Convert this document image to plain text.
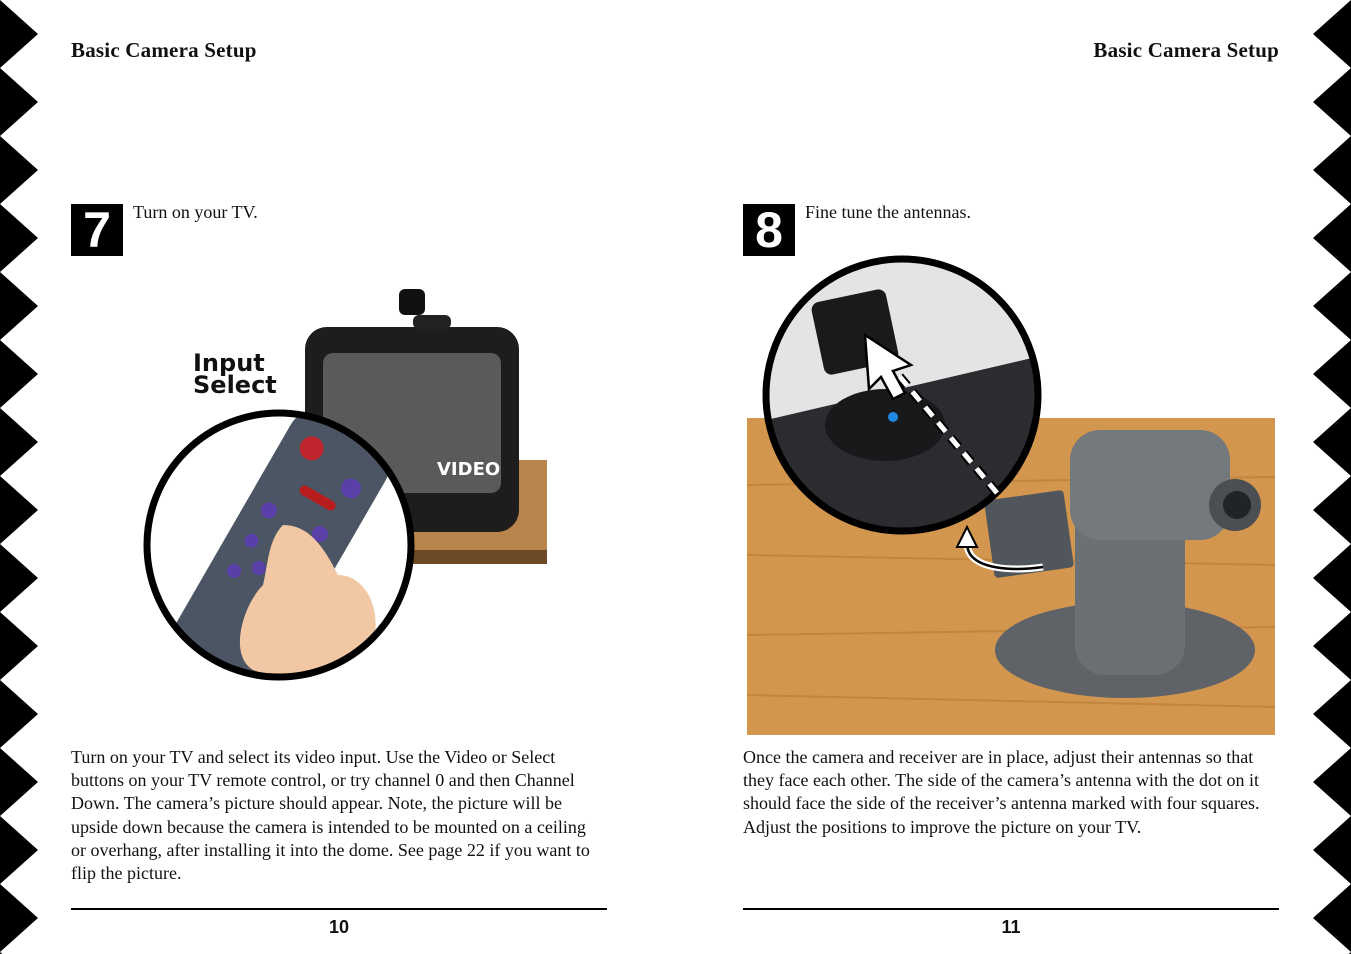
Basic Camera Setup
7	Turn on your TV.
VIDEO
Input
Select
Turn on your TV and select its video input. Use the Video or Select buttons on your TV remote control, or try channel 0 and then Channel Down. The camera’s picture should appear. Note, the picture will be upside down because the camera is intended to be mounted on a ceiling or overhang, after installing it into the dome. See page 22 if you want to flip the picture.
10
Basic Camera Setup
8	Fine tune the antennas.
Once the camera and receiver are in place, adjust their antennas so that they face each other. The side of the camera’s antenna with the dot on it should face the side of the receiver’s antenna marked with four squares. Adjust the positions to improve the picture on your TV.
11
